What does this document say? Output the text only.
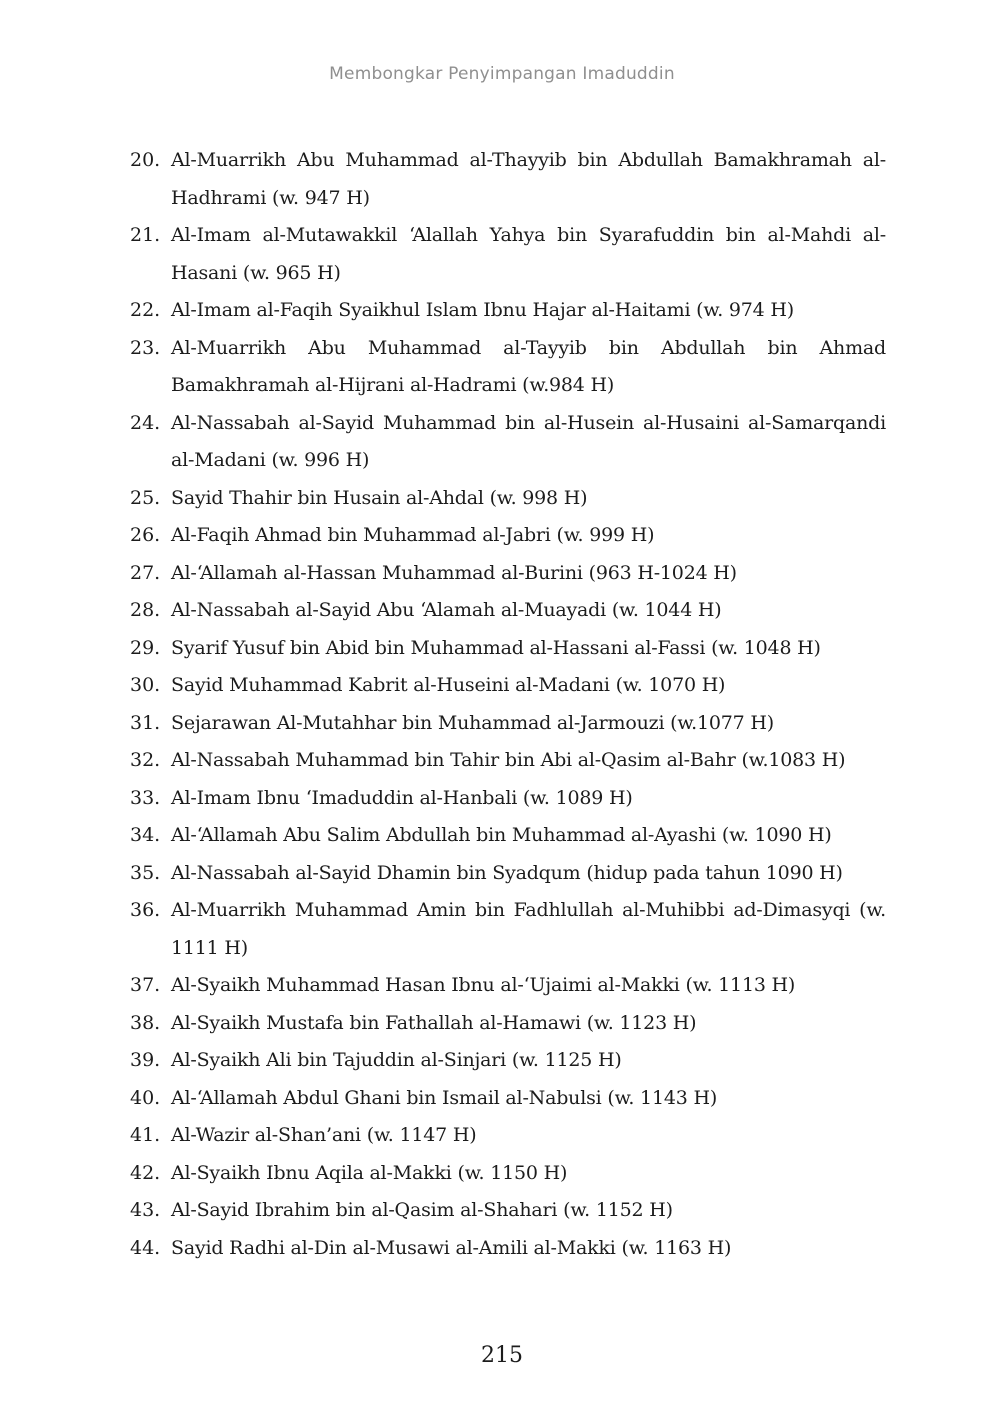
Membongkar Penyimpangan Imaduddin
20. Al-Muarrikh Abu Muhammad al-Thayyib bin Abdullah Bamakhramah al-Hadhrami (w. 947 H)
21. Al-Imam al-Mutawakkil ‘Alallah Yahya bin Syarafuddin bin al-Mahdi al-Hasani (w. 965 H)
22. Al-Imam al-Faqih Syaikhul Islam Ibnu Hajar al-Haitami (w. 974 H)
23. Al-Muarrikh Abu Muhammad al-Tayyib bin Abdullah bin Ahmad Bamakhramah al-Hijrani al-Hadrami (w.984 H)
24. Al-Nassabah al-Sayid Muhammad bin al-Husein al-Husaini al-Samarqandi al-Madani (w. 996 H)
25. Sayid Thahir bin Husain al-Ahdal (w. 998 H)
26. Al-Faqih Ahmad bin Muhammad al-Jabri (w. 999 H)
27. Al-‘Allamah al-Hassan Muhammad al-Burini (963 H-1024 H)
28. Al-Nassabah al-Sayid Abu ‘Alamah al-Muayadi (w. 1044 H)
29. Syarif Yusuf bin Abid bin Muhammad al-Hassani al-Fassi (w. 1048 H)
30. Sayid Muhammad Kabrit al-Huseini al-Madani (w. 1070 H)
31. Sejarawan Al-Mutahhar bin Muhammad al-Jarmouzi (w.1077 H)
32. Al-Nassabah Muhammad bin Tahir bin Abi al-Qasim al-Bahr (w.1083 H)
33. Al-Imam Ibnu ‘Imaduddin al-Hanbali (w. 1089 H)
34. Al-‘Allamah Abu Salim Abdullah bin Muhammad al-Ayashi (w. 1090 H)
35. Al-Nassabah al-Sayid Dhamin bin Syadqum (hidup pada tahun 1090 H)
36. Al-Muarrikh Muhammad Amin bin Fadhlullah al-Muhibbi ad-Dimasyqi (w. 1111 H)
37. Al-Syaikh Muhammad Hasan Ibnu al-‘Ujaimi al-Makki (w. 1113 H)
38. Al-Syaikh Mustafa bin Fathallah al-Hamawi (w. 1123 H)
39. Al-Syaikh Ali bin Tajuddin al-Sinjari (w. 1125 H)
40. Al-‘Allamah Abdul Ghani bin Ismail al-Nabulsi (w. 1143 H)
41. Al-Wazir al-Shan’ani (w. 1147 H)
42. Al-Syaikh Ibnu Aqila al-Makki (w. 1150 H)
43. Al-Sayid Ibrahim bin al-Qasim al-Shahari (w. 1152 H)
44. Sayid Radhi al-Din al-Musawi al-Amili al-Makki (w. 1163 H)
215
